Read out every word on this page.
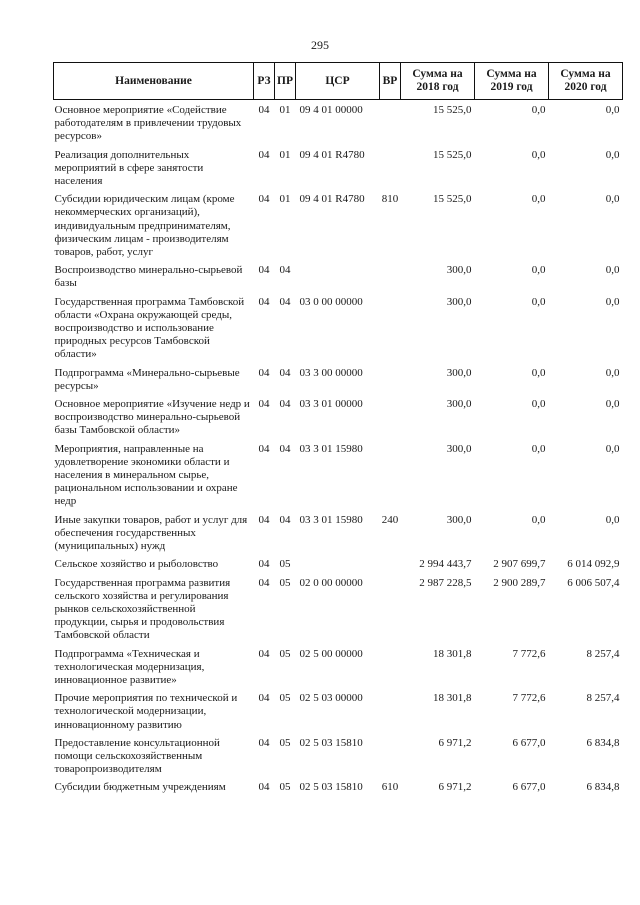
295
Наименование	РЗ	ПР	ЦСР	ВР	Сумма на 2018 год	Сумма на 2019 год	Сумма на 2020 год
Основное мероприятие «Содействие работодателям в привлечении трудовых ресурсов»	04	01	09 4 01 00000		15 525,0	0,0	0,0
Реализация дополнительных мероприятий в сфере занятости населения	04	01	09 4 01 R4780		15 525,0	0,0	0,0
Субсидии юридическим лицам (кроме некоммерческих организаций), индивидуальным предпринимателям, физическим лицам - производителям товаров, работ, услуг	04	01	09 4 01 R4780	810	15 525,0	0,0	0,0
Воспроизводство минерально-сырьевой базы	04	04			300,0	0,0	0,0
Государственная программа Тамбовской области «Охрана окружающей среды, воспроизводство и использование природных ресурсов Тамбовской области»	04	04	03 0 00 00000		300,0	0,0	0,0
Подпрограмма «Минерально-сырьевые ресурсы»	04	04	03 3 00 00000		300,0	0,0	0,0
Основное мероприятие «Изучение недр и воспроизводство минерально-сырьевой базы Тамбовской области»	04	04	03 3 01 00000		300,0	0,0	0,0
Мероприятия, направленные на удовлетворение экономики области и населения в минеральном сырье, рациональном использовании и охране недр	04	04	03 3 01 15980		300,0	0,0	0,0
Иные закупки товаров, работ и услуг для обеспечения государственных (муниципальных) нужд	04	04	03 3 01 15980	240	300,0	0,0	0,0
Сельское хозяйство и рыболовство	04	05			2 994 443,7	2 907 699,7	6 014 092,9
Государственная программа развития сельского хозяйства и регулирования рынков сельскохозяйственной продукции, сырья и продовольствия Тамбовской области	04	05	02 0 00 00000		2 987 228,5	2 900 289,7	6 006 507,4
Подпрограмма «Техническая и технологическая модернизация, инновационное развитие»	04	05	02 5 00 00000		18 301,8	7 772,6	8 257,4
Прочие мероприятия по технической и технологической модернизации, инновационному развитию	04	05	02 5 03 00000		18 301,8	7 772,6	8 257,4
Предоставление консультационной помощи сельскохозяйственным товаропроизводителям	04	05	02 5 03 15810		6 971,2	6 677,0	6 834,8
Субсидии бюджетным учреждениям	04	05	02 5 03 15810	610	6 971,2	6 677,0	6 834,8
